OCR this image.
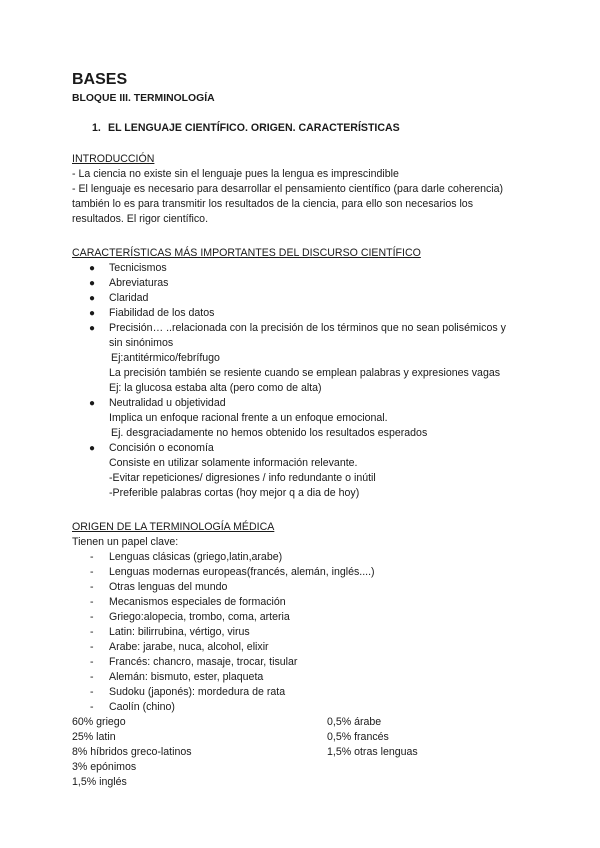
BASES

BLOQUE III. TERMINOLOGÍA

1. EL LENGUAJE CIENTÍFICO. ORIGEN. CARACTERÍSTICAS
INTRODUCCIÓN

- La ciencia no existe sin el lenguaje pues la lengua es imprescindible

- El lenguaje es necesario para desarrollar el pensamiento científico (para darle coherencia)

también lo es para transmitir los resultados de la ciencia, para ello son necesarios los

resultados. El rigor científico.

CARACTERÍSTICAS MÁS IMPORTANTES DEL DISCURSO CIENTÍFICO
● Tecnicismos
● Abreviaturas
● Claridad
● Fiabilidad de los datos
● Precisión… ..relacionada con la precisión de los términos que no sean polisémicos y
sin sinónimos
Ej:antitérmico/febrífugo
La precisión también se resiente cuando se emplean palabras y expresiones vagas
Ej: la glucosa estaba alta (pero como de alta)
● Neutralidad u objetividad
Implica un enfoque racional frente a un enfoque emocional.
Ej. desgraciadamente no hemos obtenido los resultados esperados
● Concisión o economía
Consiste en utilizar solamente información relevante.
-Evitar repeticiones/ digresiones / info redundante o inútil
-Preferible palabras cortas (hoy mejor q a dia de hoy)
ORIGEN DE LA TERMINOLOGÍA MÉDICA

Tienen un papel clave:

- Lenguas clásicas (griego,latin,arabe)
- Lenguas modernas europeas(francés, alemán, inglés....)
- Otras lenguas del mundo
- Mecanismos especiales de formación
- Griego:alopecia, trombo, coma, arteria
- Latin: bilirrubina, vértigo, virus
- Arabe: jarabe, nuca, alcohol, elixir
- Francés: chancro, masaje, trocar, tisular
- Alemán: bismuto, ester, plaqueta
- Sudoku (japonés): mordedura de rata
- Caolín (chino)

60% griego

25% latin

8% híbridos greco-latinos

3% epónimos

1,5% inglés

0,5% árabe

0,5% francés

1,5% otras lenguas
